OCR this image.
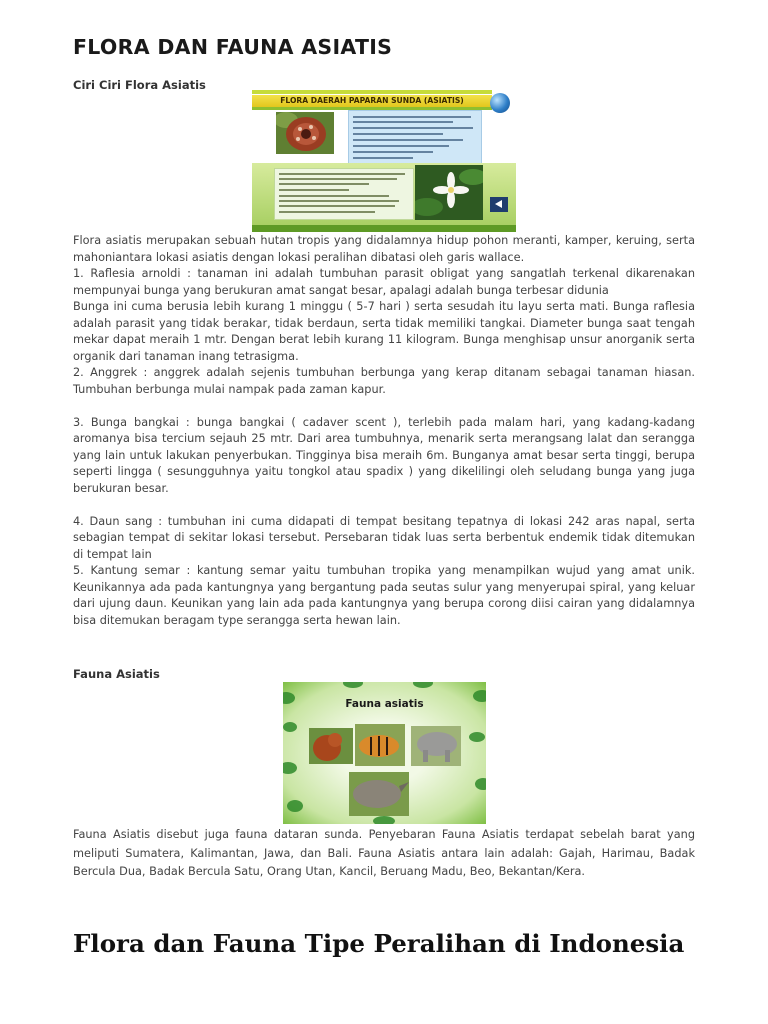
FLORA DAN FAUNA ASIATIS
Ciri Ciri Flora Asiatis

Flora asiatis merupakan sebuah hutan tropis yang didalamnya hidup pohon meranti, kamper, keruing, serta mahoniantara lokasi asiatis dengan lokasi peralihan dibatasi oleh garis wallace.

1. Raflesia arnoldi : tanaman ini adalah tumbuhan parasit obligat yang sangatlah terkenal dikarenakan mempunyai bunga yang berukuran amat sangat besar, apalagi adalah bunga terbesar didunia

Bunga ini cuma berusia lebih kurang 1 minggu ( 5-7 hari ) serta sesudah itu layu serta mati. Bunga raflesia adalah parasit yang tidak berakar, tidak berdaun, serta tidak memiliki tangkai. Diameter bunga saat tengah mekar dapat meraih 1 mtr. Dengan berat lebih kurang 11 kilogram. Bunga menghisap unsur anorganik serta organik dari tanaman inang tetrasigma.

2. Anggrek : anggrek adalah sejenis tumbuhan berbunga yang kerap ditanam sebagai tanaman hiasan. Tumbuhan berbunga mulai nampak pada zaman kapur.

3. Bunga bangkai : bunga bangkai ( cadaver scent ), terlebih pada malam hari, yang kadang-kadang aromanya bisa tercium sejauh 25 mtr. Dari area tumbuhnya, menarik serta merangsang lalat dan serangga yang lain untuk lakukan penyerbukan. Tingginya bisa meraih 6m. Bunganya amat besar serta tinggi, berupa seperti lingga ( sesungguhnya yaitu tongkol atau spadix ) yang dikelilingi oleh seludang bunga yang juga berukuran besar.

4. Daun sang : tumbuhan ini cuma didapati di tempat besitang tepatnya di lokasi 242 aras napal, serta sebagian tempat di sekitar lokasi tersebut. Persebaran tidak luas serta berbentuk endemik tidak ditemukan di tempat lain

5. Kantung semar : kantung semar yaitu tumbuhan tropika yang menampilkan wujud yang amat unik. Keunikannya ada pada kantungnya yang bergantung pada seutas sulur yang menyerupai spiral, yang keluar dari ujung daun. Keunikan yang lain ada pada kantungnya yang berupa corong diisi cairan yang didalamnya bisa ditemukan beragam type serangga serta hewan lain.

Fauna Asiatis
Fauna Asiatis disebut juga fauna dataran sunda. Penyebaran Fauna Asiatis terdapat sebelah barat yang meliputi Sumatera, Kalimantan, Jawa, dan Bali. Fauna Asiatis antara lain adalah: Gajah, Harimau, Badak Bercula Dua, Badak Bercula Satu, Orang Utan, Kancil, Beruang Madu, Beo, Bekantan/Kera.
Flora dan Fauna Tipe Peralihan di Indonesia
FLORA DAERAH PAPARAN SUNDA (ASIATIS)
Fauna asiatis
